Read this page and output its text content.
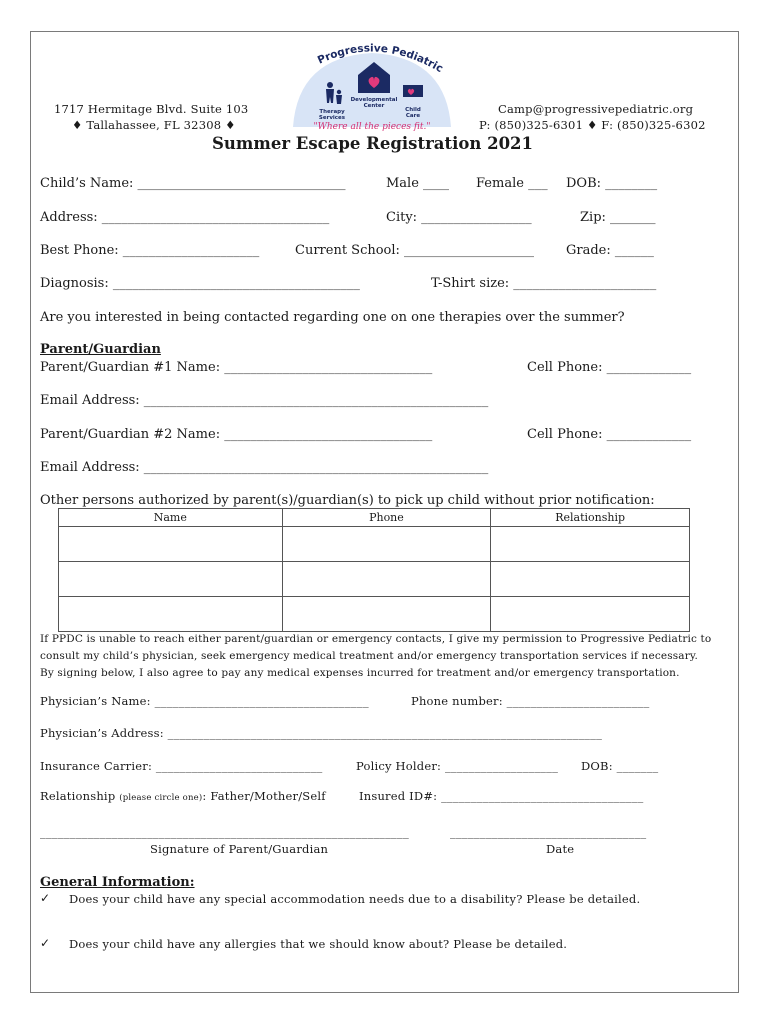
1717 Hermitage Blvd. Suite 103
♦ Tallahassee, FL 32308 ♦
Camp@progressivepediatric.org
P: (850)325-6301 ♦ F: (850)325-6302
Progressive Pediatric
Developmental
Center
Therapy
Services
Child
Care
"Where all the pieces fit."
Summer Escape Registration 2021
Child’s Name: ________________________________	Male ____ Female ___ DOB: ________
Address: ___________________________________	City: _________________	Zip: _______
Best Phone: _____________________	Current School: ____________________ Grade: ______
Diagnosis: ______________________________________	T-Shirt size: ______________________
Are you interested in being contacted regarding one on one therapies over the summer?
Parent/Guardian
Parent/Guardian #1 Name: ________________________________	Cell Phone: _____________
Email Address: _____________________________________________________
Parent/Guardian #2 Name: ________________________________	Cell Phone: _____________
Email Address: _____________________________________________________
Other persons authorized by parent(s)/guardian(s) to pick up child without prior notification:
Name	Phone	Relationship

If PPDC is unable to reach either parent/guardian or emergency contacts, I give my permission to Progressive Pediatric to
consult my child’s physician, seek emergency medical treatment and/or emergency transportation services if necessary.
By signing below, I also agree to pay any medical expenses incurred for treatment and/or emergency transportation.
Physician’s Name: ____________________________________	Phone number: ________________________
Physician’s Address: _________________________________________________________________________
Insurance Carrier: ____________________________	Policy Holder: ___________________ DOB: _______
Relationship (please circle one): Father/Mother/Self	Insured ID#: __________________________________
______________________________________________________________	_________________________________
Signature of Parent/Guardian	Date
General Information:
✓ Does your child have any special accommodation needs due to a disability? Please be detailed.
✓ Does your child have any allergies that we should know about? Please be detailed.
